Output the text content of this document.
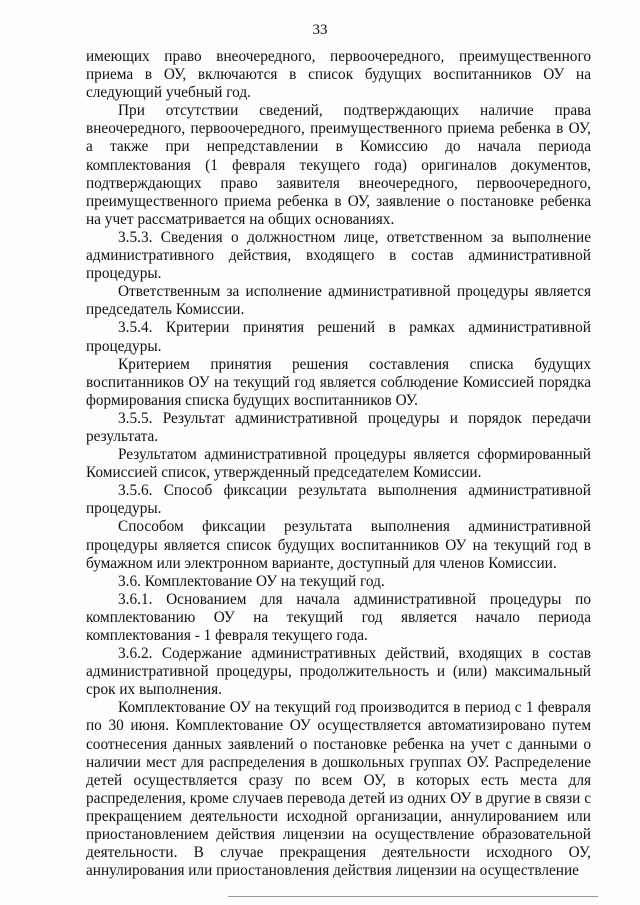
33

имеющих право внеочередного, первоочередного, преимущественного приема в ОУ, включаются в список будущих воспитанников ОУ на следующий учебный год.

При отсутствии сведений, подтверждающих наличие права внеочередного, первоочередного, преимущественного приема ребенка в ОУ, а также при непредставлении в Комиссию до начала периода комплектования (1 февраля текущего года) оригиналов документов, подтверждающих право заявителя внеочередного, первоочередного, преимущественного приема ребенка в ОУ, заявление о постановке ребенка на учет рассматривается на общих основаниях.

3.5.3. Сведения о должностном лице, ответственном за выполнение административного действия, входящего в состав административной процедуры.

Ответственным за исполнение административной процедуры является председатель Комиссии.

3.5.4. Критерии принятия решений в рамках административной процедуры.

Критерием принятия решения составления списка будущих воспитанников ОУ на текущий год является соблюдение Комиссией порядка формирования списка будущих воспитанников ОУ.

3.5.5. Результат административной процедуры и порядок передачи результата.

Результатом административной процедуры является сформированный Комиссией список, утвержденный председателем Комиссии.

3.5.6. Способ фиксации результата выполнения административной процедуры.

Способом фиксации результата выполнения административной процедуры является список будущих воспитанников ОУ на текущий год в бумажном или электронном варианте, доступный для членов Комиссии.

3.6. Комплектование ОУ на текущий год.

3.6.1. Основанием для начала административной процедуры по комплектованию ОУ на текущий год является начало периода комплектования - 1 февраля текущего года.

3.6.2. Содержание административных действий, входящих в состав административной процедуры, продолжительность и (или) максимальный срок их выполнения.

Комплектование ОУ на текущий год производится в период с 1 февраля по 30 июня. Комплектование ОУ осуществляется автоматизировано путем соотнесения данных заявлений о постановке ребенка на учет с данными о наличии мест для распределения в дошкольных группах ОУ. Распределение детей осуществляется сразу по всем ОУ, в которых есть места для распределения, кроме случаев перевода детей из одних ОУ в другие в связи с прекращением деятельности исходной организации, аннулированием или приостановлением действия лицензии на осуществление образовательной деятельности. В случае прекращения деятельности исходного ОУ, аннулирования или приостановления действия лицензии на осуществление
